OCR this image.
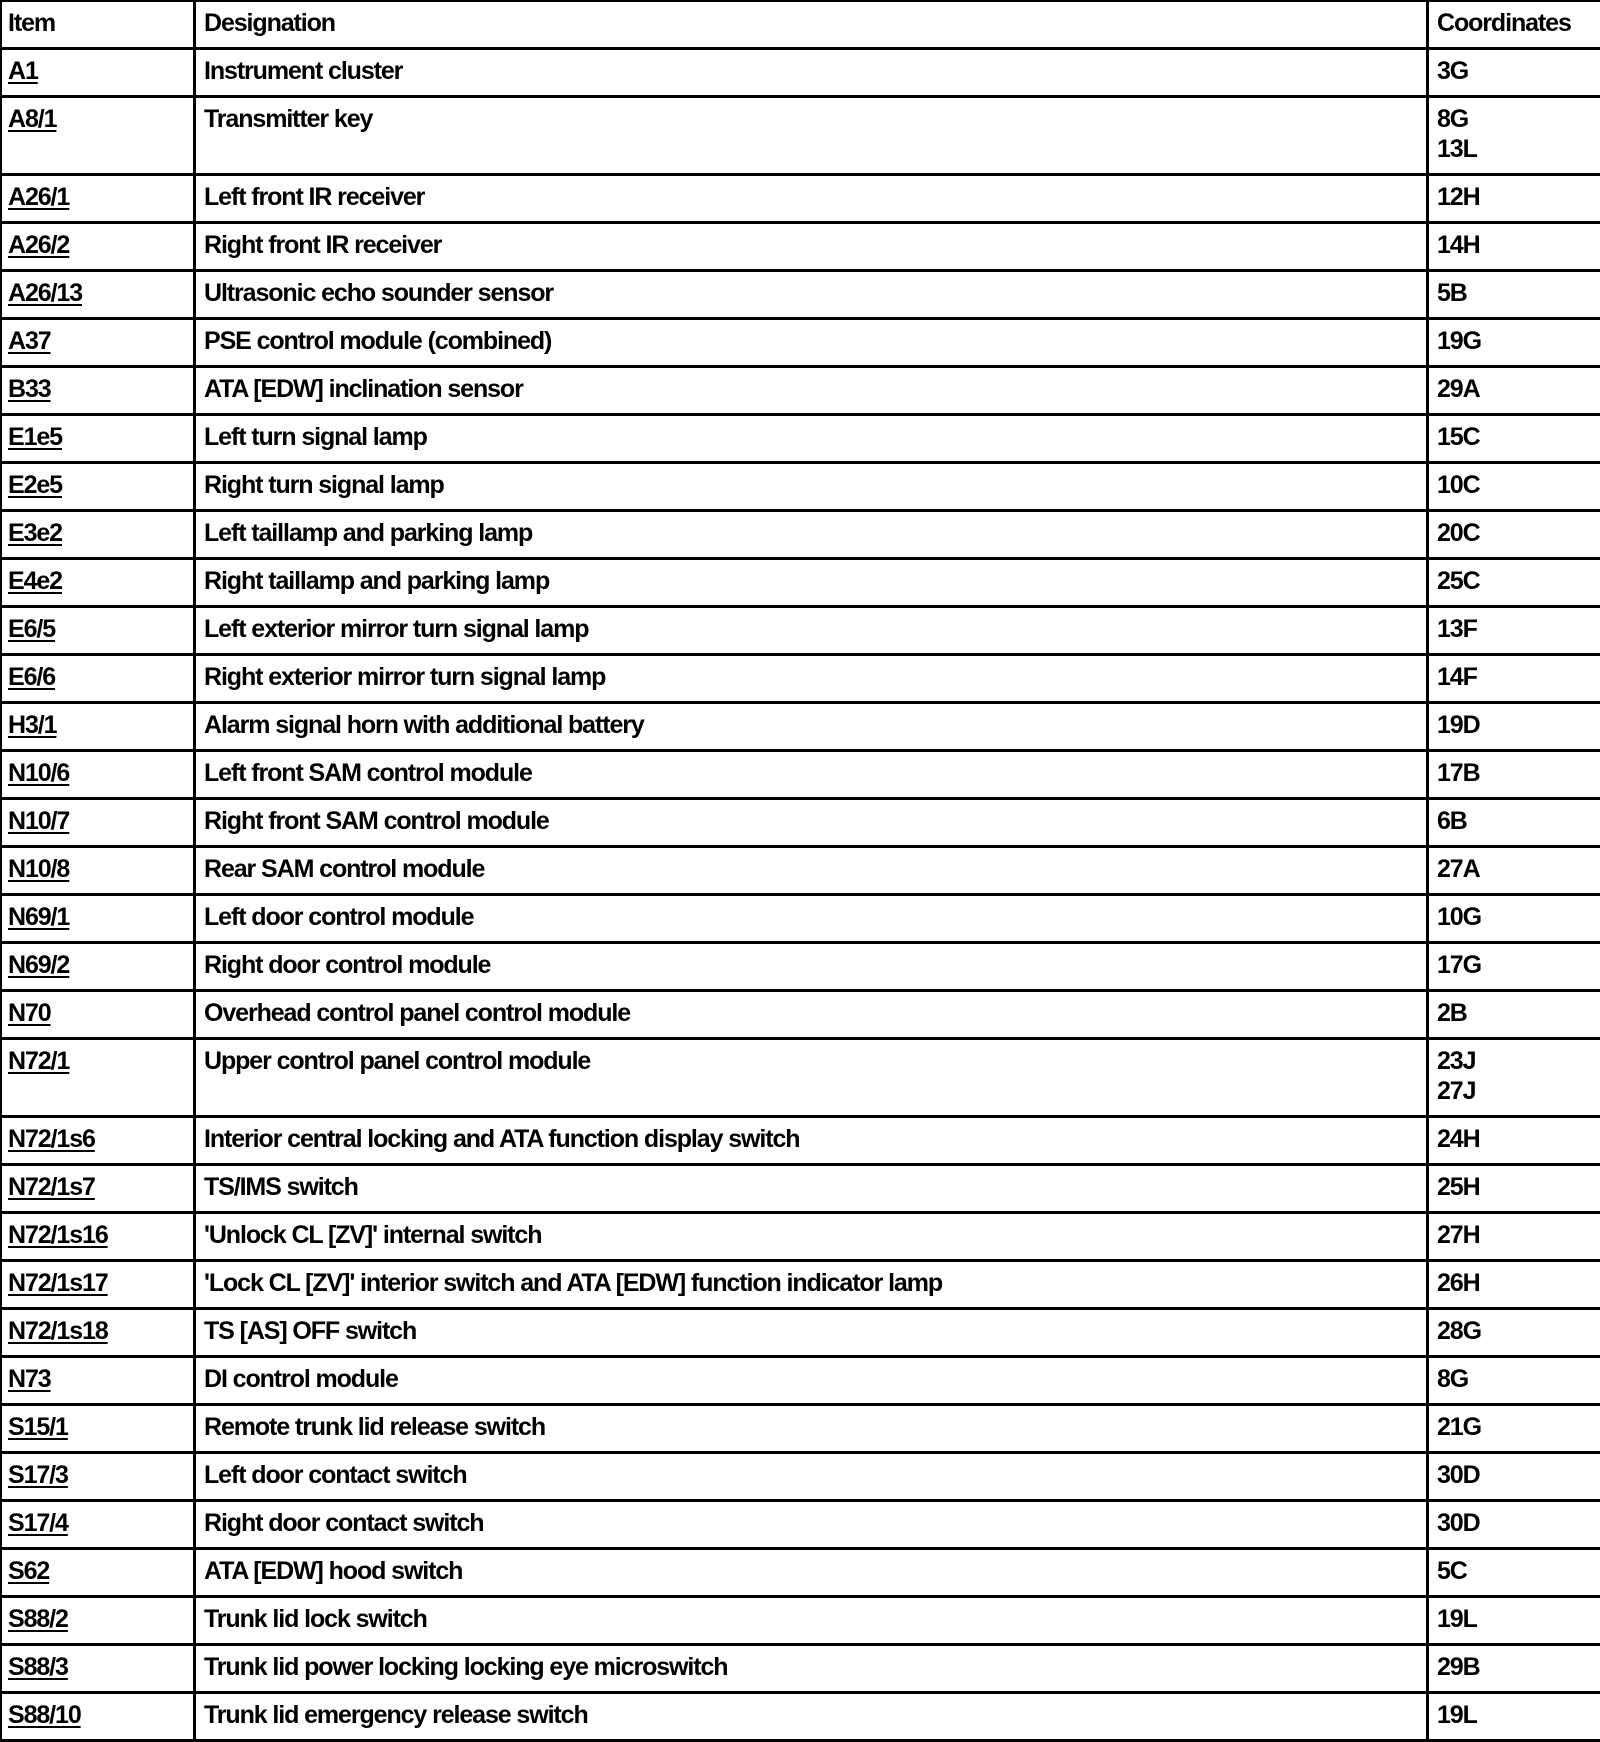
Item	Designation	Coordinates
A1	Instrument cluster	3G

A8/1	Transmitter key	8G
13L

A26/1	Left front IR receiver	12H

A26/2	Right front IR receiver	14H

A26/13	Ultrasonic echo sounder sensor	5B

A37	PSE control module (combined)	19G

B33	ATA [EDW] inclination sensor	29A

E1e5	Left turn signal lamp	15C

E2e5	Right turn signal lamp	10C

E3e2	Left taillamp and parking lamp	20C

E4e2	Right taillamp and parking lamp	25C

E6/5	Left exterior mirror turn signal lamp	13F

E6/6	Right exterior mirror turn signal lamp	14F

H3/1	Alarm signal horn with additional battery	19D

N10/6	Left front SAM control module	17B

N10/7	Right front SAM control module	6B

N10/8	Rear SAM control module	27A

N69/1	Left door control module	10G

N69/2	Right door control module	17G

N70	Overhead control panel control module	2B

N72/1	Upper control panel control module	23J
27J

N72/1s6	Interior central locking and ATA function display switch	24H

N72/1s7	TS/IMS switch	25H

N72/1s16	'Unlock CL [ZV]' internal switch	27H

N72/1s17	'Lock CL [ZV]' interior switch and ATA [EDW] function indicator lamp	26H

N72/1s18	TS [AS] OFF switch	28G

N73	DI control module	8G

S15/1	Remote trunk lid release switch	21G

S17/3	Left door contact switch	30D

S17/4	Right door contact switch	30D

S62	ATA [EDW] hood switch	5C

S88/2	Trunk lid lock switch	19L

S88/3	Trunk lid power locking locking eye microswitch	29B

S88/10	Trunk lid emergency release switch	19L
